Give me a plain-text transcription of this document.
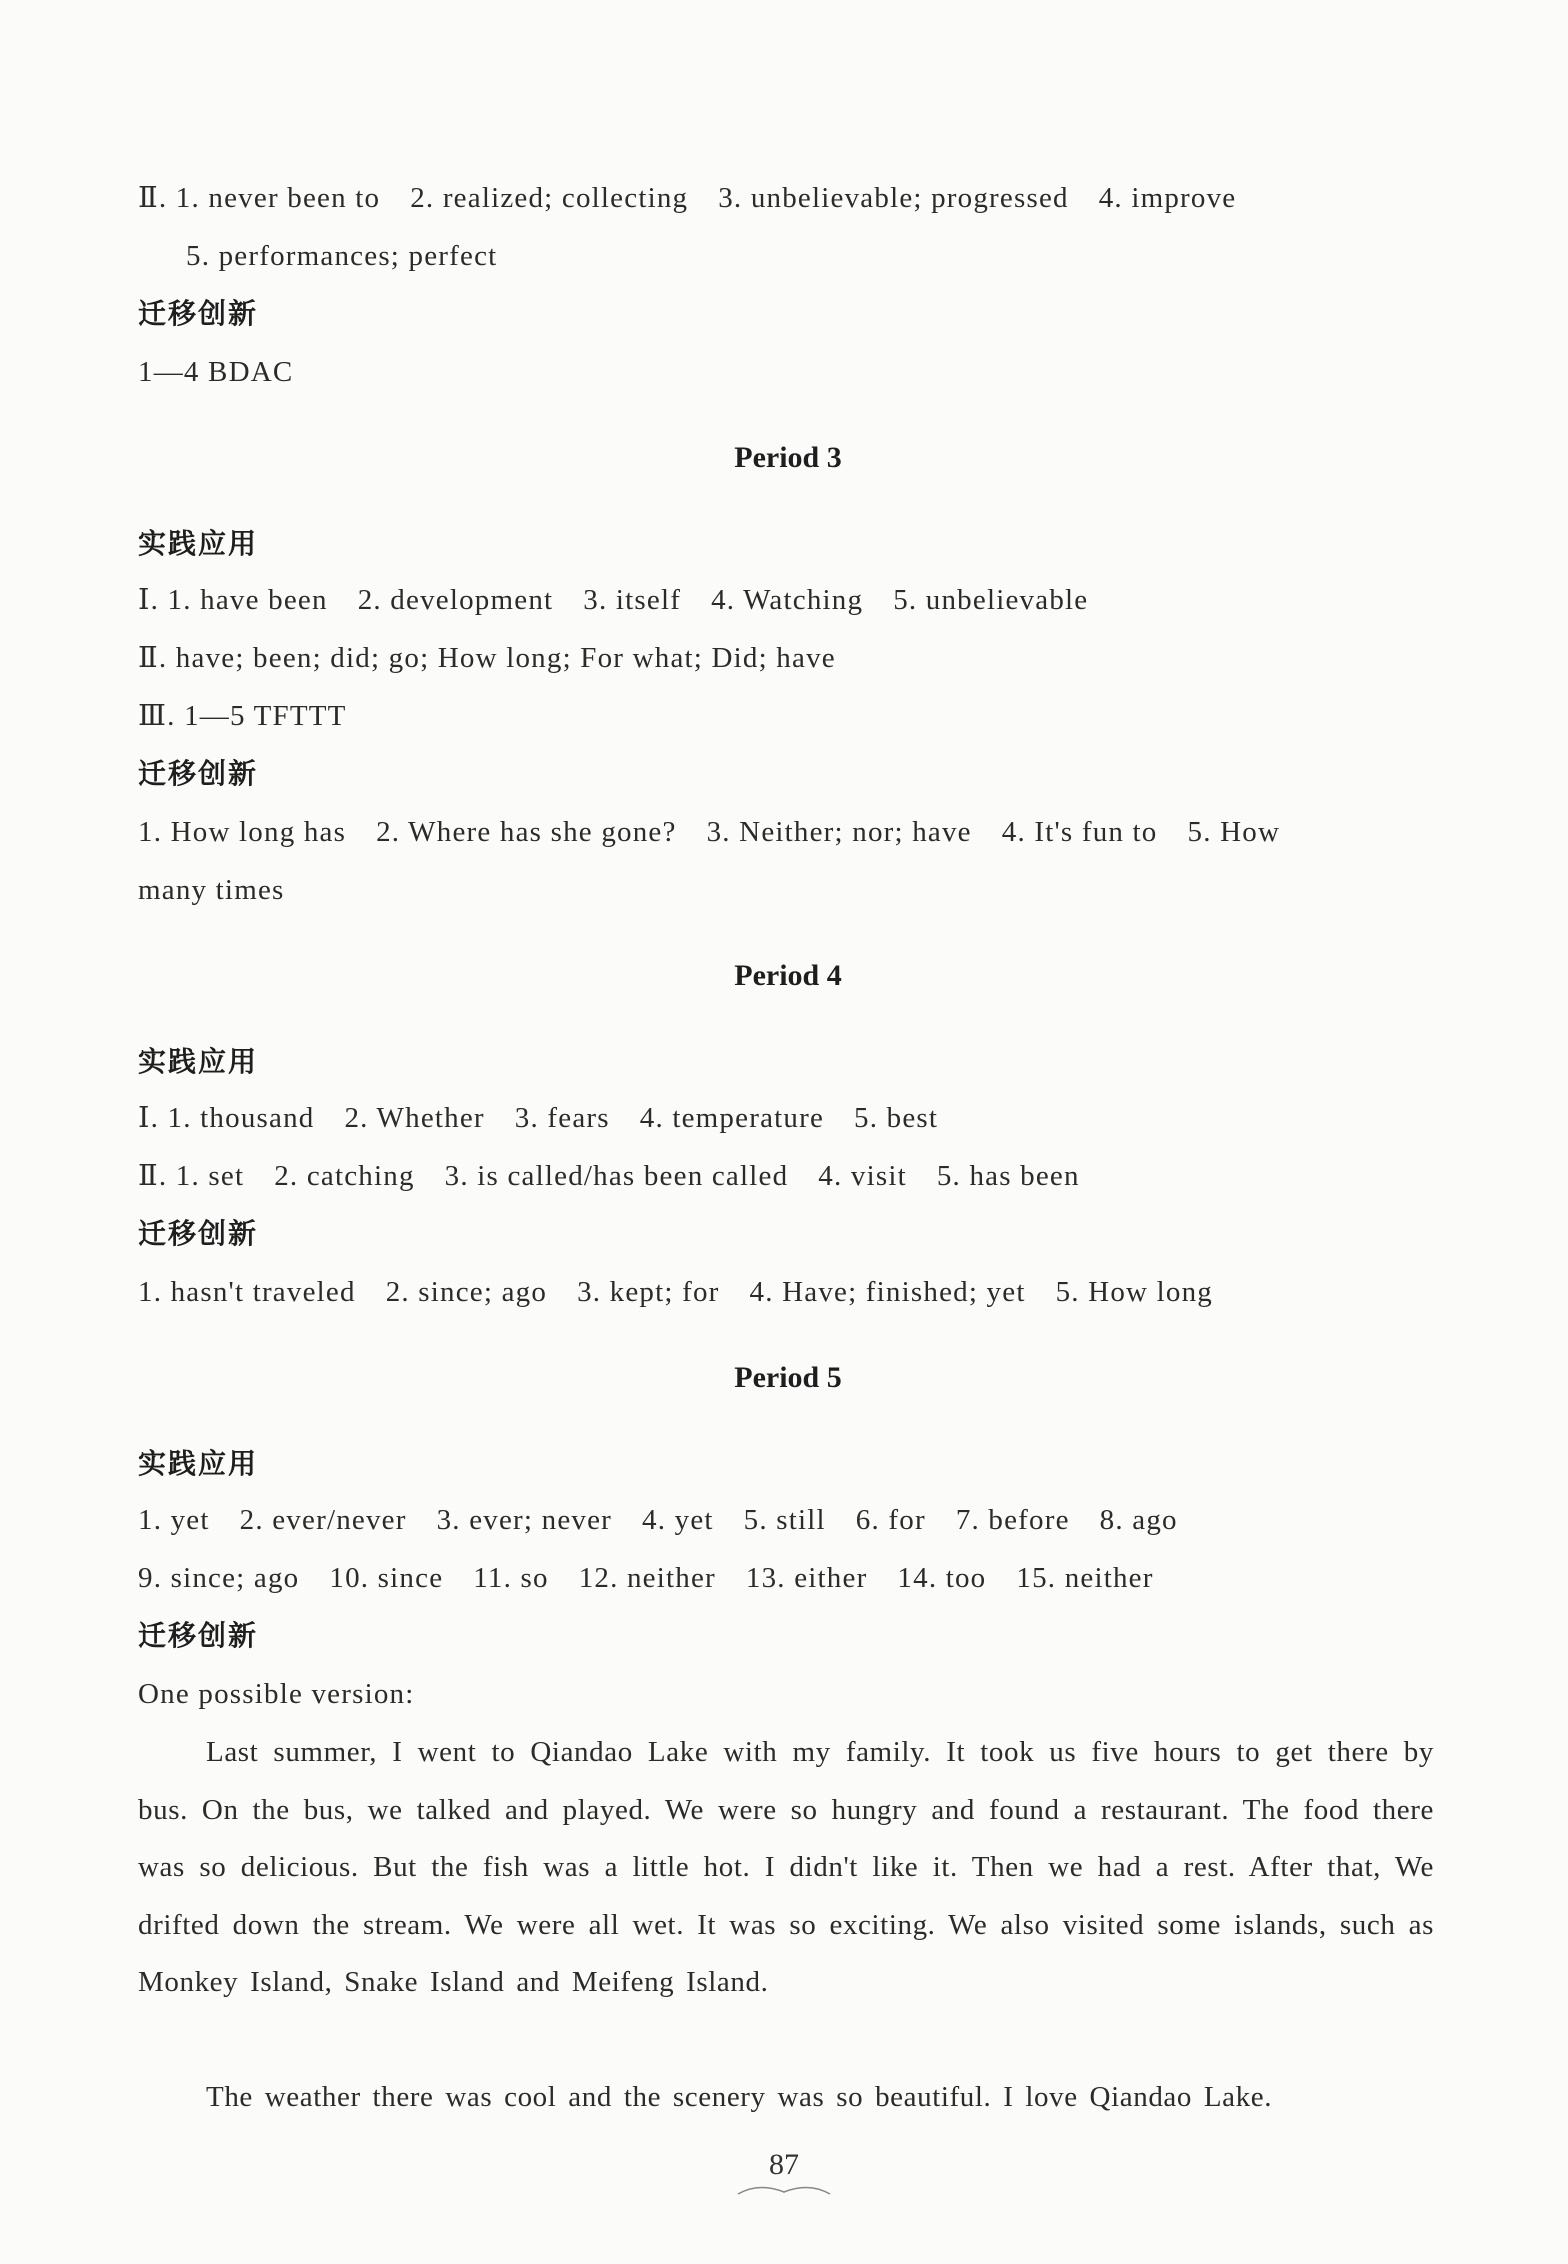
Ⅱ. 1. never been to 2. realized; collecting 3. unbelievable; progressed 4. improve
5. performances; perfect
迁移创新
1—4 BDAC
Period 3
实践应用
Ⅰ. 1. have been 2. development 3. itself 4. Watching 5. unbelievable
Ⅱ. have; been; did; go; How long; For what; Did; have
Ⅲ. 1—5 TFTTT
迁移创新
1. How long has 2. Where has she gone? 3. Neither; nor; have 4. It's fun to 5. How
many times
Period 4
实践应用
Ⅰ. 1. thousand 2. Whether 3. fears 4. temperature 5. best
Ⅱ. 1. set 2. catching 3. is called/has been called 4. visit 5. has been
迁移创新
1. hasn't traveled 2. since; ago 3. kept; for 4. Have; finished; yet 5. How long
Period 5
实践应用
1. yet 2. ever/never 3. ever; never 4. yet 5. still 6. for 7. before 8. ago
9. since; ago 10. since 11. so 12. neither 13. either 14. too 15. neither
迁移创新
One possible version:
Last summer, I went to Qiandao Lake with my family. It took us five hours to get there by bus. On the bus, we talked and played. We were so hungry and found a restaurant. The food there was so delicious. But the fish was a little hot. I didn't like it. Then we had a rest. After that, We drifted down the stream. We were all wet. It was so exciting. We also visited some islands, such as Monkey Island, Snake Island and Meifeng Island.
The weather there was cool and the scenery was so beautiful. I love Qiandao Lake.
87
